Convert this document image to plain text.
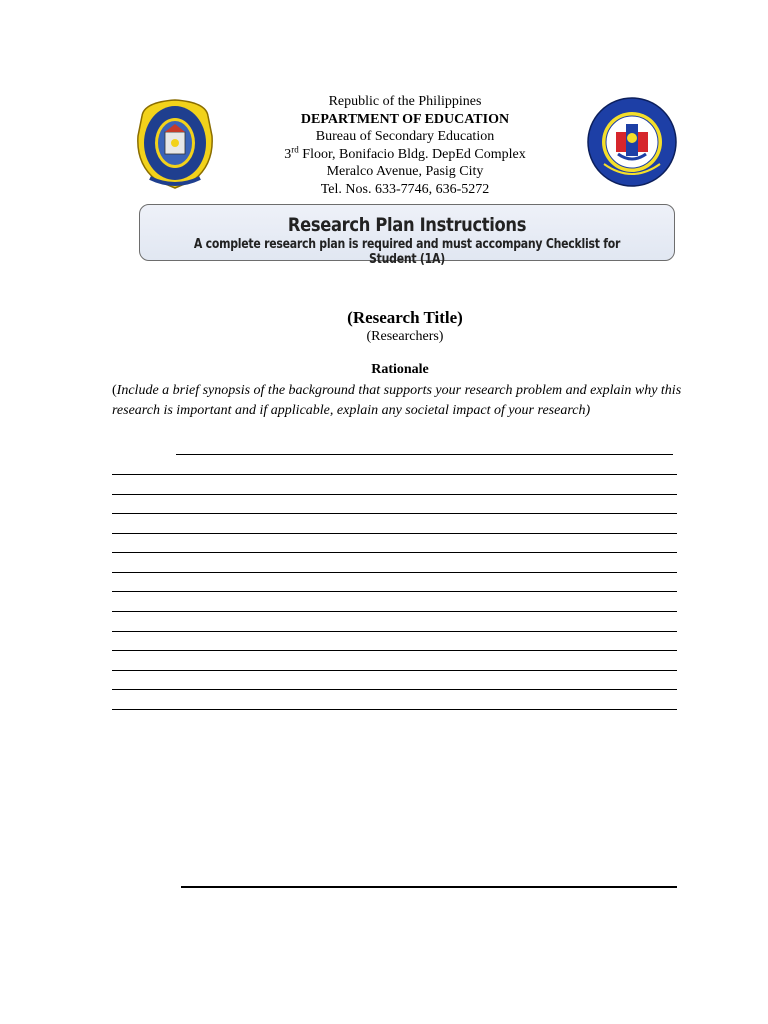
Republic of the Philippines
DEPARTMENT OF EDUCATION
Bureau of Secondary Education
3rd Floor, Bonifacio Bldg. DepEd Complex
Meralco Avenue, Pasig City
Tel. Nos. 633-7746, 636-5272
Research Plan Instructions
A complete research plan is required and must accompany Checklist for Student (1A)
(Research Title)
(Researchers)
Rationale
(Include a brief synopsis of the background that supports your research problem and explain why this research is important and if applicable, explain any societal impact of your research)
